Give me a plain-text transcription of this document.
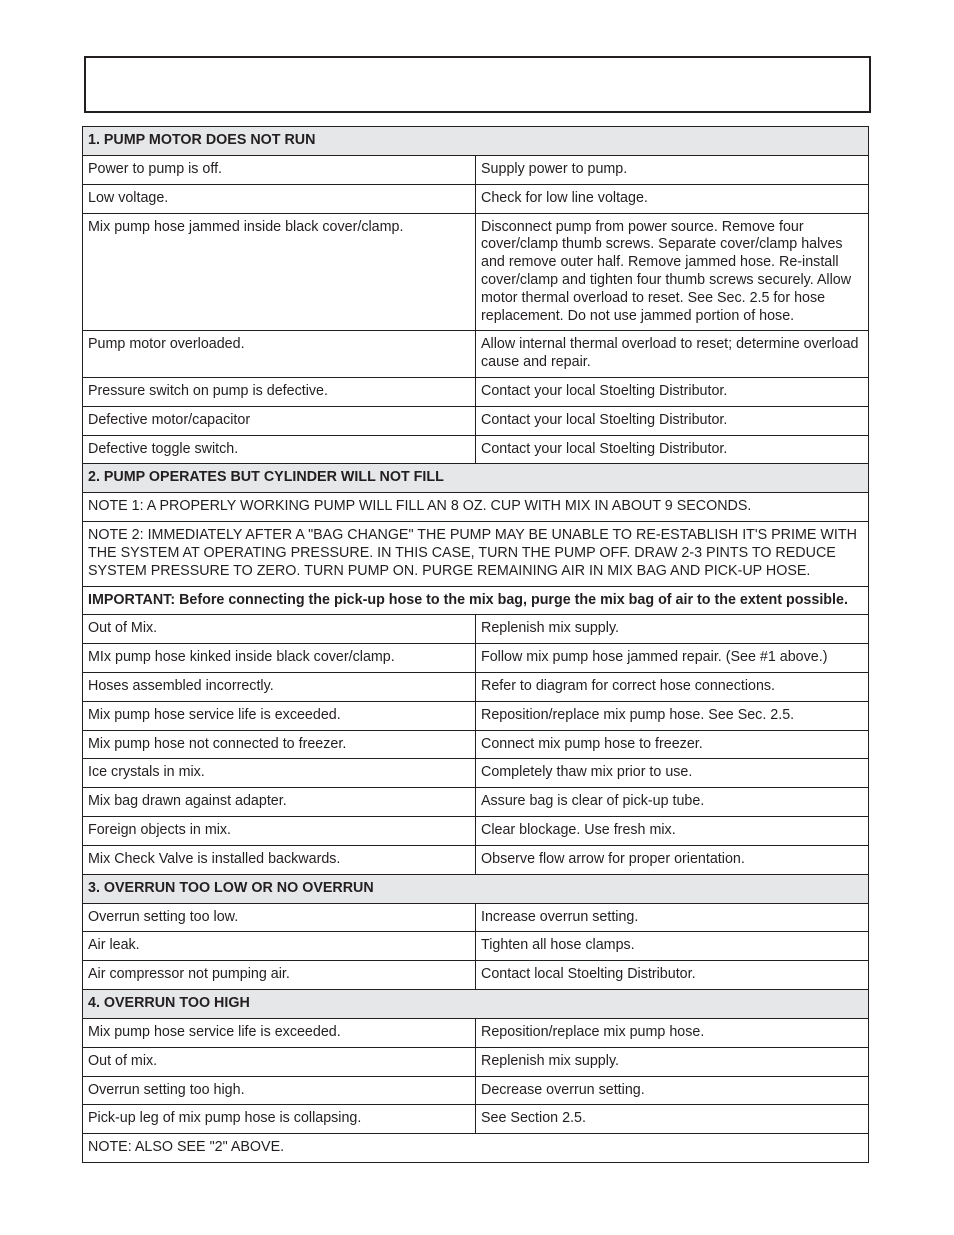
1. PUMP MOTOR DOES NOT RUN	
Power to pump is off.	Supply power to pump.
Low voltage.	Check for low line voltage.
Mix pump hose jammed inside black cover/clamp.	Disconnect pump from power source. Remove four cover/clamp thumb screws. Separate cover/clamp halves and remove outer half. Remove jammed hose. Re-install cover/clamp and tighten four thumb screws securely. Allow motor thermal overload to reset. See Sec. 2.5 for hose replacement. Do not use jammed portion of hose.
Pump motor overloaded.	Allow internal thermal overload to reset; determine overload cause and repair.
Pressure switch on pump is defective.	Contact your local Stoelting Distributor.
Defective motor/capacitor	Contact your local Stoelting Distributor.
Defective toggle switch.	Contact your local Stoelting Distributor.
2. PUMP OPERATES BUT CYLINDER WILL NOT FILL	
NOTE 1: A PROPERLY WORKING PUMP WILL FILL AN 8 OZ. CUP WITH MIX IN ABOUT 9 SECONDS.	
NOTE 2: IMMEDIATELY AFTER A "BAG CHANGE" THE PUMP MAY BE UNABLE TO RE-ESTABLISH IT'S PRIME WITH THE SYSTEM AT OPERATING PRESSURE. IN THIS CASE, TURN THE PUMP OFF. DRAW 2-3 PINTS TO REDUCE SYSTEM PRESSURE TO ZERO. TURN PUMP ON. PURGE REMAINING AIR IN MIX BAG AND PICK-UP HOSE.	
IMPORTANT: Before connecting the pick-up hose to the mix bag, purge the mix bag of air to the extent possible.	
Out of Mix.	Replenish mix supply.
MIx pump hose kinked inside black cover/clamp.	Follow mix pump hose jammed repair. (See #1 above.)
Hoses assembled incorrectly.	Refer to diagram for correct hose connections.
Mix pump hose service life is exceeded.	Reposition/replace mix pump hose. See Sec. 2.5.
Mix pump hose not connected to freezer.	Connect mix pump hose to freezer.
Ice crystals in mix.	Completely thaw mix prior to use.
Mix bag drawn against adapter.	Assure bag is clear of pick-up tube.
Foreign objects in mix.	Clear blockage. Use fresh mix.
Mix Check Valve is installed backwards.	Observe flow arrow for proper orientation.
3. OVERRUN TOO LOW OR NO OVERRUN	
Overrun setting too low.	Increase overrun setting.
Air leak.	Tighten all hose clamps.
Air compressor not pumping air.	Contact local Stoelting Distributor.
4. OVERRUN TOO HIGH	
Mix pump hose service life is exceeded.	Reposition/replace mix pump hose.
Out of mix.	Replenish mix supply.
Overrun setting too high.	Decrease overrun setting.
Pick-up leg of mix pump hose is collapsing.	See Section 2.5.
NOTE: ALSO SEE "2" ABOVE.	
